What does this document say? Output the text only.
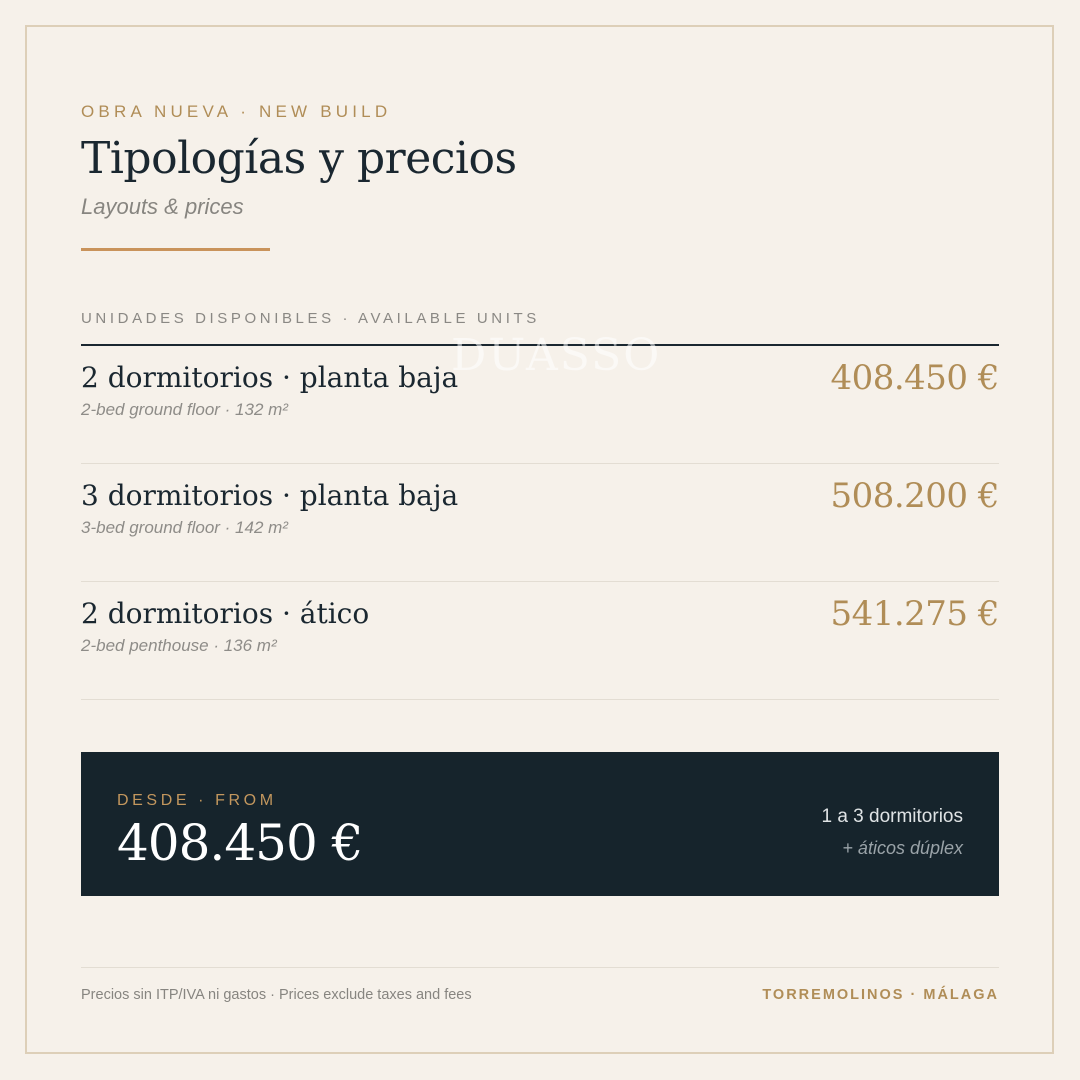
OBRA NUEVA · NEW BUILD
Tipologías y precios
Layouts & prices
UNIDADES DISPONIBLES · AVAILABLE UNITS
2 dormitorios · planta baja
2-bed ground floor · 132 m²
408.450 €
3 dormitorios · planta baja
3-bed ground floor · 142 m²
508.200 €
2 dormitorios · ático
2-bed penthouse · 136 m²
541.275 €
DUASSO
DESDE · FROM
408.450 €	1 a 3 dormitorios
+ áticos dúplex
Precios sin ITP/IVA ni gastos · Prices exclude taxes and fees	TORREMOLINOS · MÁLAGA
